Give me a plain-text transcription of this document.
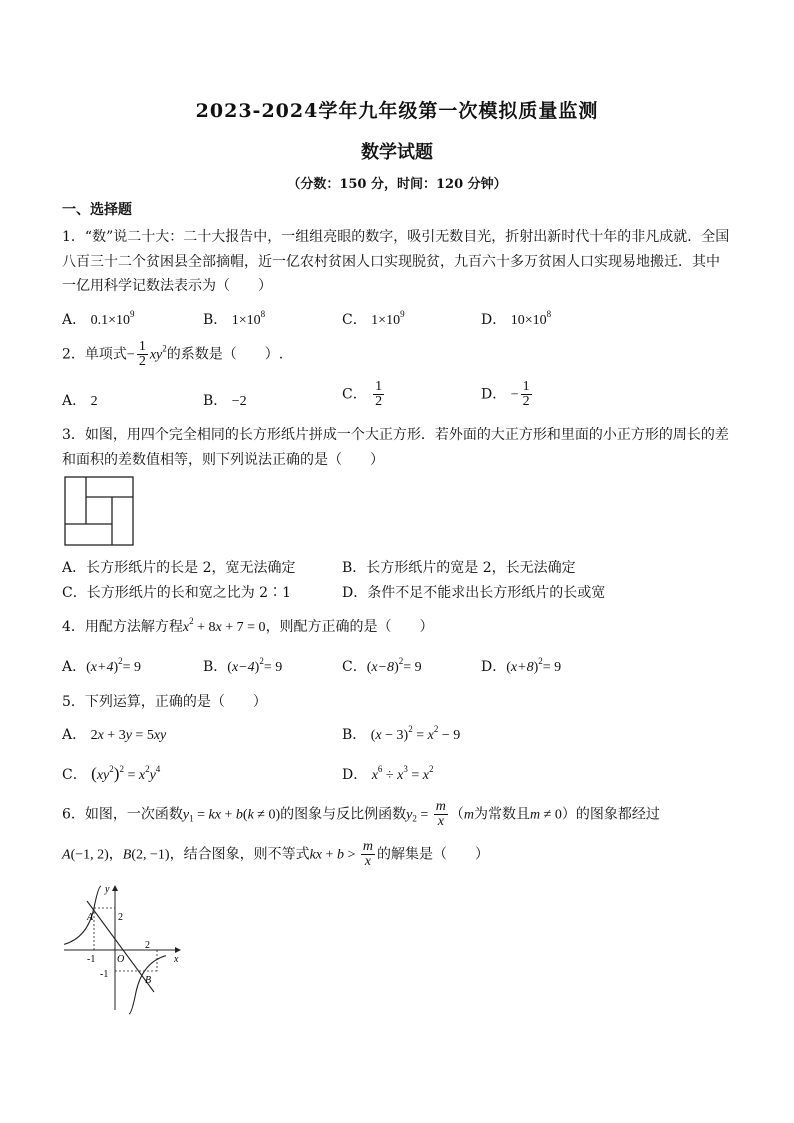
2023-2024学年九年级第一次模拟质量监测
数学试题
（分数：150 分，时间：120 分钟）
一、选择题
1．“数”说二十大：二十大报告中，一组组亮眼的数字，吸引无数目光，折射出新时代十年的非凡成就．全国
八百三十二个贫困县全部摘帽，近一亿农村贫困人口实现脱贫，九百六十多万贫困人口实现易地搬迁．其中
一亿用科学记数法表示为（　　）
A． $0.1\times 10^9$	B． $1\times 10^8$	C． $1\times 10^9$	D． $10\times 10^8$
2．单项式− $\frac{1}{2} xy^2$的系数是（　　）.
A． 2	B． −2	C． $\frac{1}{2}$	D． − $\frac{1}{2}$
3．如图，用四个完全相同的长方形纸片拼成一个大正方形．若外面的大正方形和里面的小正方形的周长的差
和面积的差数值相等，则下列说法正确的是（　　）
A．长方形纸片的长是 2，宽无法确定	B．长方形纸片的宽是 2，长无法确定
C．长方形纸片的长和宽之比为 2∶1	D．条件不足不能求出长方形纸片的长或宽
4．用配方法解方程$x^2 + 8x + 7 = 0$，则配方正确的是（　　）
A．$(x+4)^2= 9$	B．$(x-4)^2= 9$	C．$(x-8)^2= 9$	D．$(x+8)^2= 9$
5．下列运算，正确的是（　　）
A． 2x + 3y = 5xy	B． $(x - 3)^2 = x^2 - 9$
C． $(xy^2)^2 = x^2y^4$	D． $x^6 \div x^3 = x^2$
6．如图，一次函数$y_1$ = kx + b(k ≠ 0)的图象与反比例函数$y_2 = \frac{m}{x} (m$为常数且m ≠ 0）的图象都经过
A(−1, 2)，B(2, −1)，结合图象，则不等式kx + $b > \frac{m}{x}$ 的解集是（　　）
x
y
O
-1
2
2
-1
A
B
